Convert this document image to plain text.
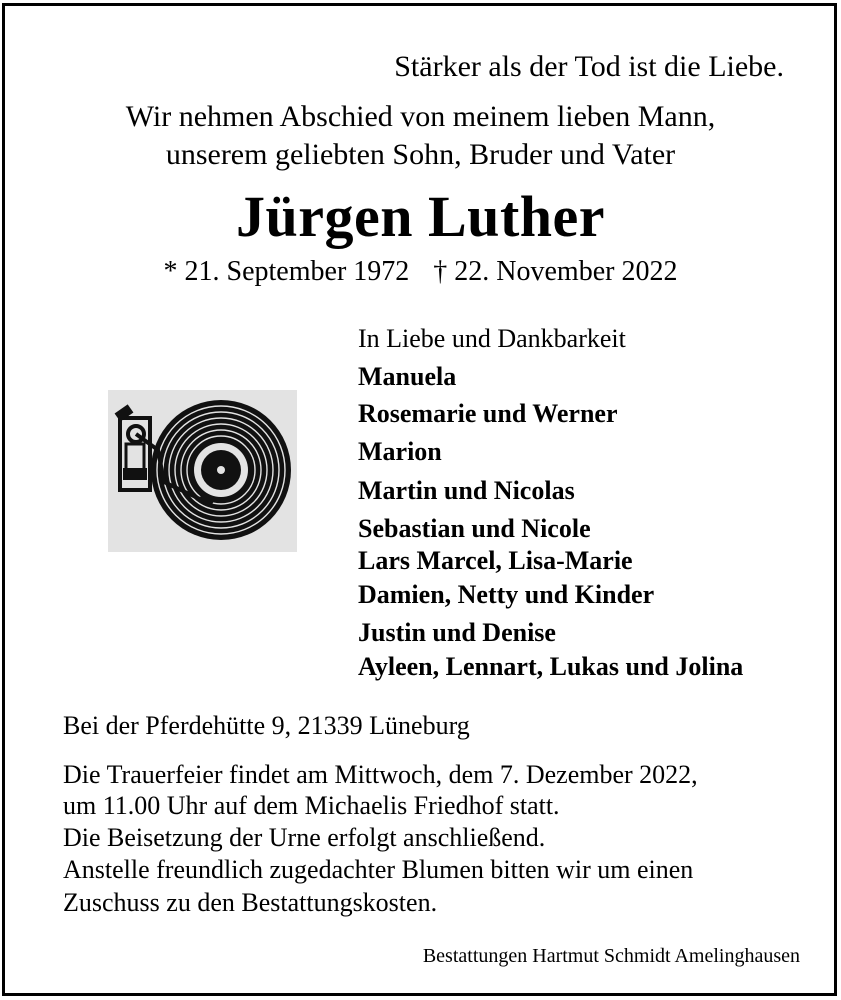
Stärker als der Tod ist die Liebe.
Wir nehmen Abschied von meinem lieben Mann,
unserem geliebten Sohn, Bruder und Vater
Jürgen Luther
* 21. September 1972 † 22. November 2022
In Liebe und Dankbarkeit
Manuela
Rosemarie und Werner
Marion
Martin und Nicolas
Sebastian und Nicole
Lars Marcel, Lisa-Marie
Damien, Netty und Kinder
Justin und Denise
Ayleen, Lennart, Lukas und Jolina
Bei der Pferdehütte 9, 21339 Lüneburg
Die Trauerfeier findet am Mittwoch, dem 7. Dezember 2022,
um 11.00 Uhr auf dem Michaelis Friedhof statt.
Die Beisetzung der Urne erfolgt anschließend.
Anstelle freundlich zugedachter Blumen bitten wir um einen
Zuschuss zu den Bestattungskosten.
Bestattungen Hartmut Schmidt Amelinghausen
